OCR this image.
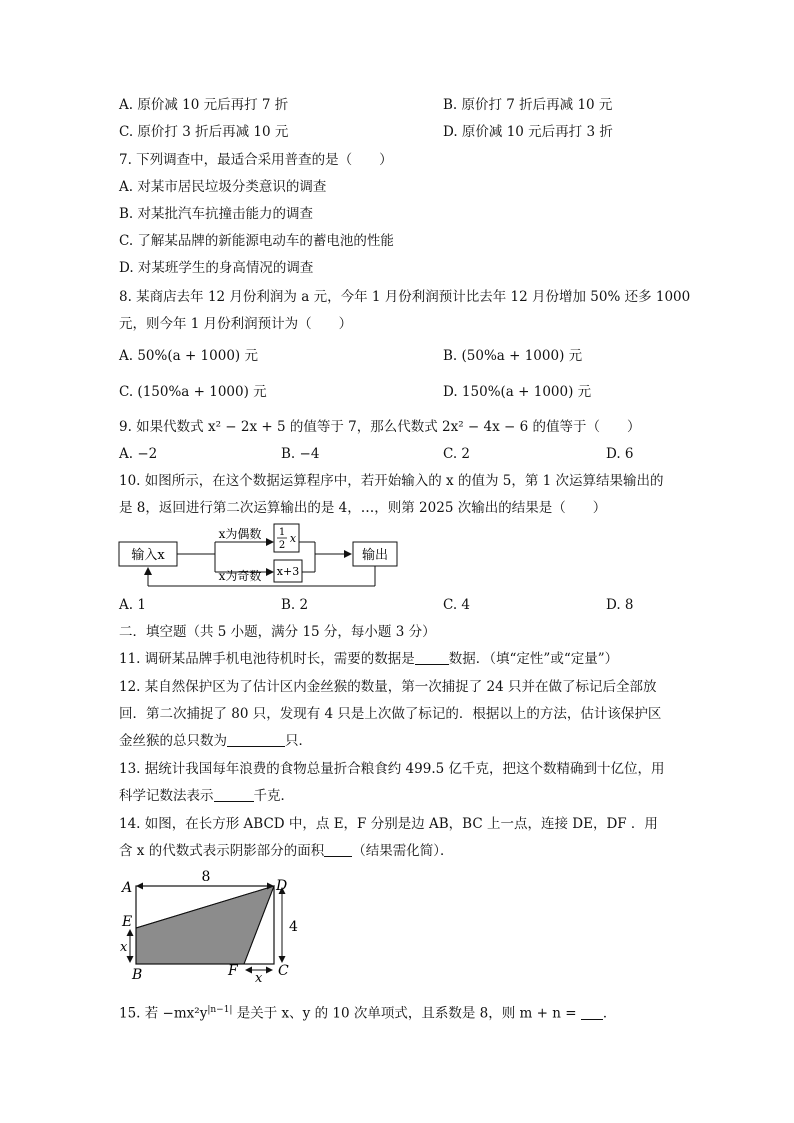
A. 原价减 10 元后再打 7 折	B. 原价打 7 折后再减 10 元
C. 原价打 3 折后再减 10 元	D. 原价减 10 元后再打 3 折
7. 下列调查中，最适合采用普查的是（　　）
A. 对某市居民垃圾分类意识的调查
B. 对某批汽车抗撞击能力的调查
C. 了解某品牌的新能源电动车的蓄电池的性能
D. 对某班学生的身高情况的调查
8. 某商店去年 12 月份利润为 a 元，今年 1 月份利润预计比去年 12 月份增加 50% 还多 1000
元，则今年 1 月份利润预计为（　　）
A. 50%(a + 1000) 元	B. (50%a + 1000) 元
C. (150%a + 1000) 元	D. 150%(a + 1000) 元
9. 如果代数式 x² − 2x + 5 的值等于 7，那么代数式 2x² − 4x − 6 的值等于（　　）
A. −2	B. −4	C. 2	D. 6
10. 如图所示，在这个数据运算程序中，若开始输入的 x 的值为 5，第 1 次运算结果输出的
是 8，返回进行第二次运算输出的是 4，…，则第 2025 次输出的结果是（　　）
输入x
x为偶数
x为奇数
1
2
x
x+3
输出
A. 1	B. 2	C. 4	D. 8
二．填空题（共 5 小题，满分 15 分，每小题 3 分）
11. 调研某品牌手机电池待机时长，需要的数据是	数据．（填“定性”或“定量”）
12. 某自然保护区为了估计区内金丝猴的数量，第一次捕捉了 24 只并在做了标记后全部放
回．第二次捕捉了 80 只，发现有 4 只是上次做了标记的．根据以上的方法，估计该保护区
金丝猴的总只数为	只．
13. 据统计我国每年浪费的食物总量折合粮食约 499.5 亿千克，把这个数精确到十亿位，用
科学记数法表示	千克．
14. 如图，在长方形 ABCD 中，点 E，F 分别是边 AB，BC 上一点，连接 DE，DF ．用
含 x 的代数式表示阴影部分的面积 （结果需化简）．
8
4
x
x
A	D
E
B	F	C
15. 若 $-mx^2y^{|n-1|}$ 是关于 x、y 的 10 次单项式，且系数是 8，则 m + n = ．
